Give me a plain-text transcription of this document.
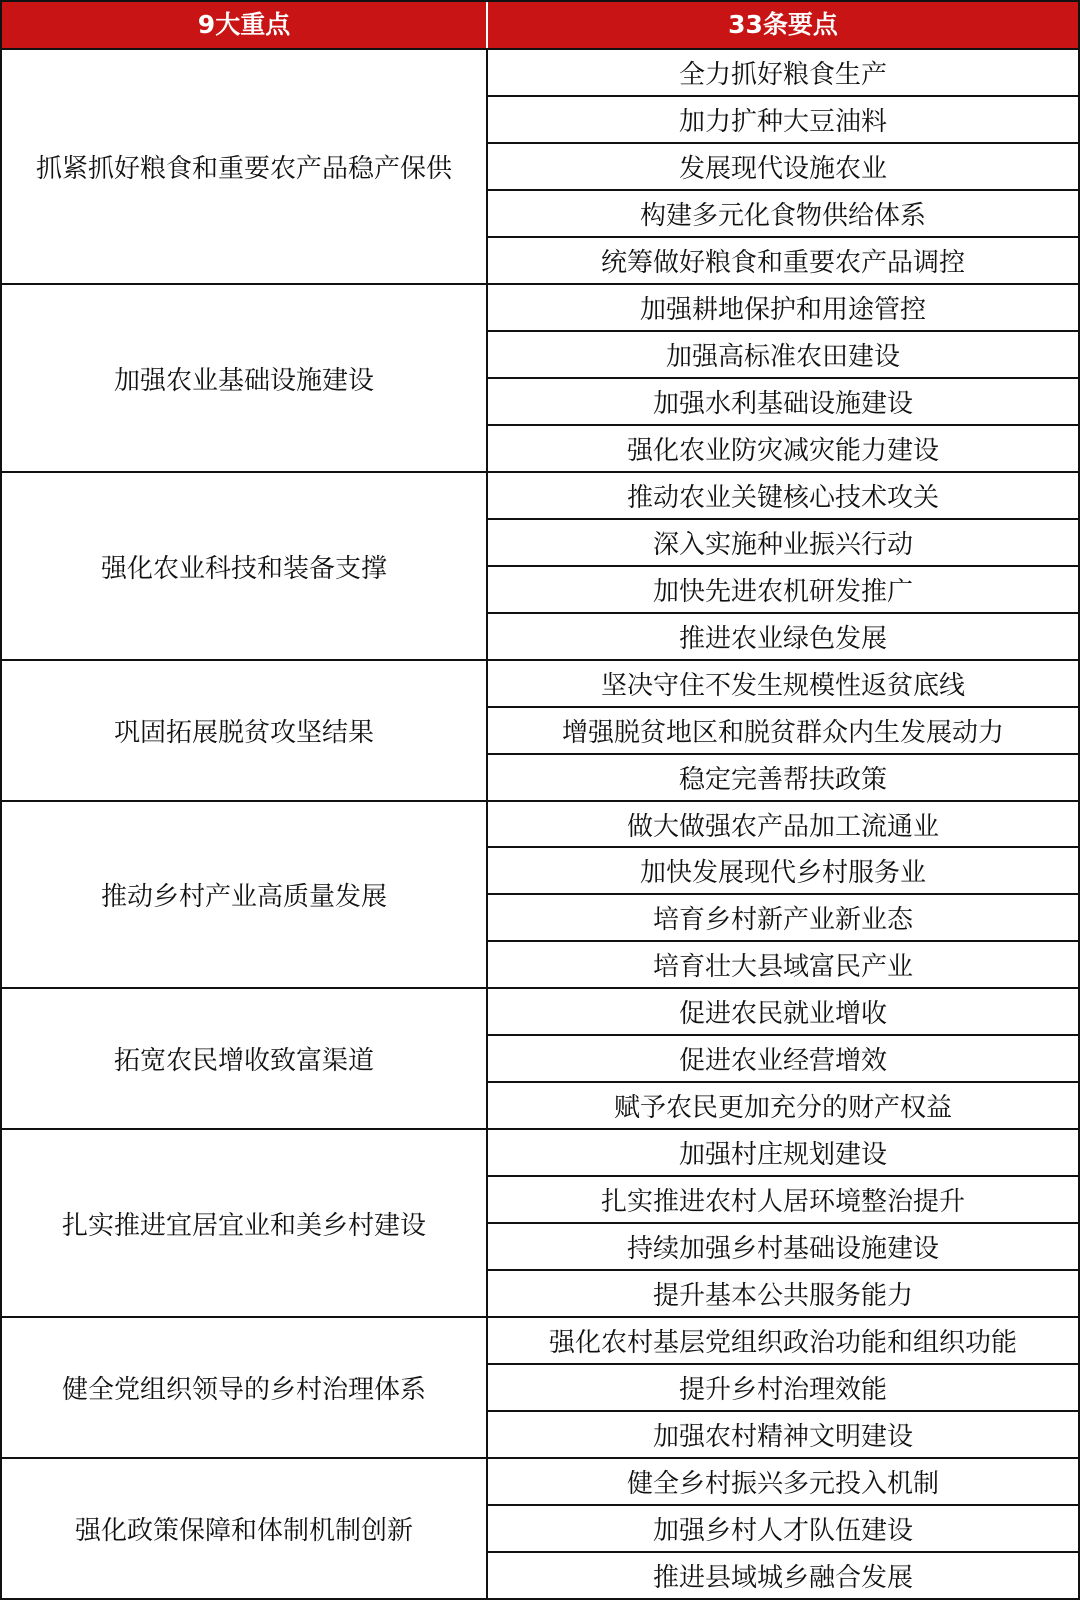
9大重点	33条要点
抓紧抓好粮食和重要农产品稳产保供
全力抓好粮食生产
加力扩种大豆油料
发展现代设施农业
构建多元化食物供给体系
统筹做好粮食和重要农产品调控
加强农业基础设施建设
加强耕地保护和用途管控
加强高标准农田建设
加强水利基础设施建设
强化农业防灾减灾能力建设
强化农业科技和装备支撑
推动农业关键核心技术攻关
深入实施种业振兴行动
加快先进农机研发推广
推进农业绿色发展
巩固拓展脱贫攻坚结果
坚决守住不发生规模性返贫底线
增强脱贫地区和脱贫群众内生发展动力
稳定完善帮扶政策
推动乡村产业高质量发展
做大做强农产品加工流通业
加快发展现代乡村服务业
培育乡村新产业新业态
培育壮大县域富民产业
拓宽农民增收致富渠道
促进农民就业增收
促进农业经营增效
赋予农民更加充分的财产权益
扎实推进宜居宜业和美乡村建设
加强村庄规划建设
扎实推进农村人居环境整治提升
持续加强乡村基础设施建设
提升基本公共服务能力
健全党组织领导的乡村治理体系
强化农村基层党组织政治功能和组织功能
提升乡村治理效能
加强农村精神文明建设
强化政策保障和体制机制创新
健全乡村振兴多元投入机制
加强乡村人才队伍建设
推进县域城乡融合发展
